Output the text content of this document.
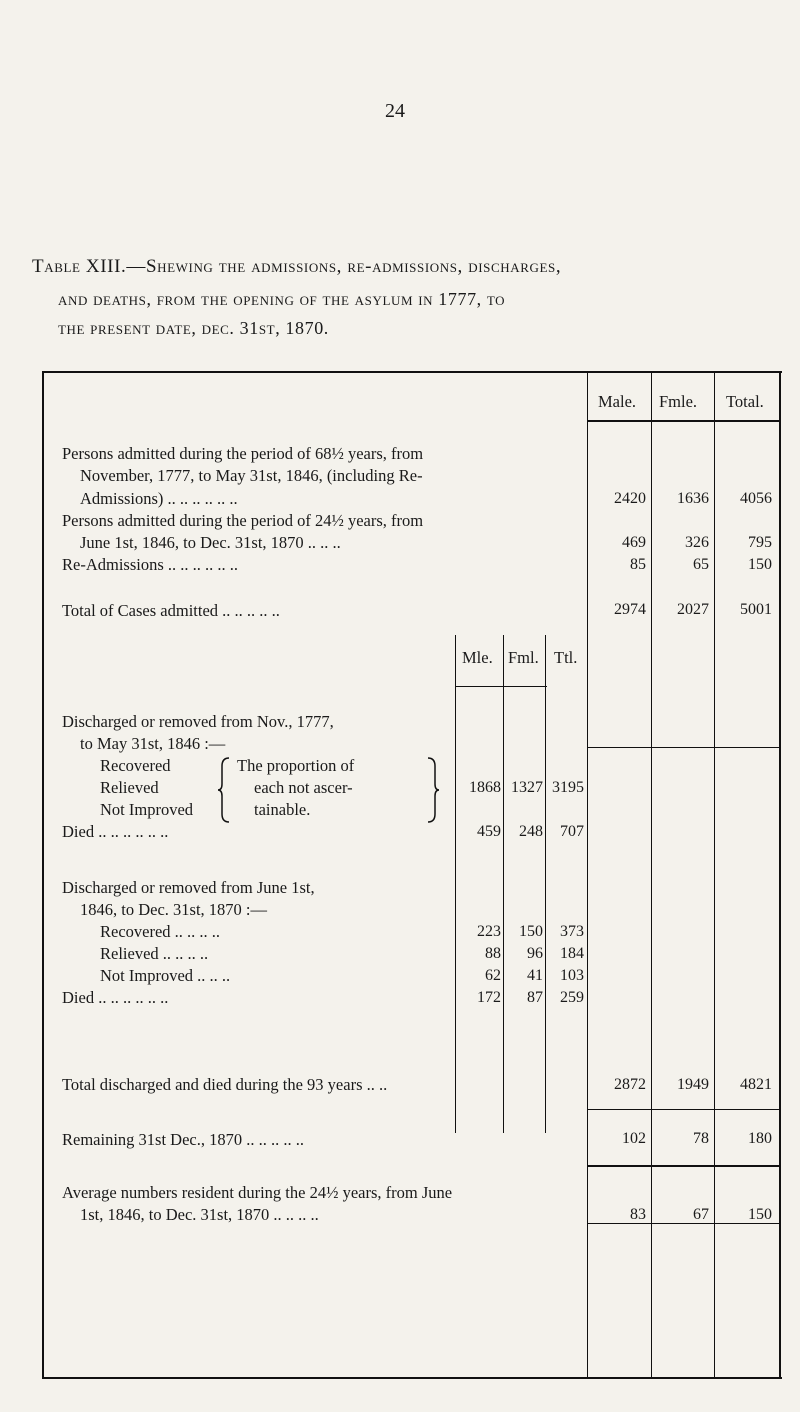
24
Table XIII.—Shewing the admissions, re-admissions, discharges,
and deaths, from the opening of the asylum in 1777, to
the present date, dec. 31st, 1870.
Male. Fmle. Total.
Persons admitted during the period of 68½ years, from
November, 1777, to May 31st, 1846, (including Re-
Admissions) .. .. .. .. .. ..	2420	1636	4056
Persons admitted during the period of 24½ years, from
June 1st, 1846, to Dec. 31st, 1870 .. .. ..	469	326	795
Re-Admissions .. .. .. .. .. ..	85	65	150
Total of Cases admitted .. .. .. .. ..	2974	2027	5001
Mle. Fml. Ttl.
Discharged or removed from Nov., 1777,
to May 31st, 1846 :—
Recovered
Relieved
Not Improved
The proportion of
each not ascer-
tainable.
1868 1327 3195
Died .. .. .. .. .. ..	459	248	707
Discharged or removed from June 1st,
1846, to Dec. 31st, 1870 :—
Recovered .. .. .. ..	223	150	373
Relieved .. .. .. ..	88	96	184
Not Improved .. .. ..	62	41	103
Died .. .. .. .. .. ..	172	87	259
Total discharged and died during the 93 years .. ..	2872	1949	4821
Remaining 31st Dec., 1870 .. .. .. .. ..	102	78	180
Average numbers resident during the 24½ years, from June
1st, 1846, to Dec. 31st, 1870 .. .. .. ..	83	67	150
